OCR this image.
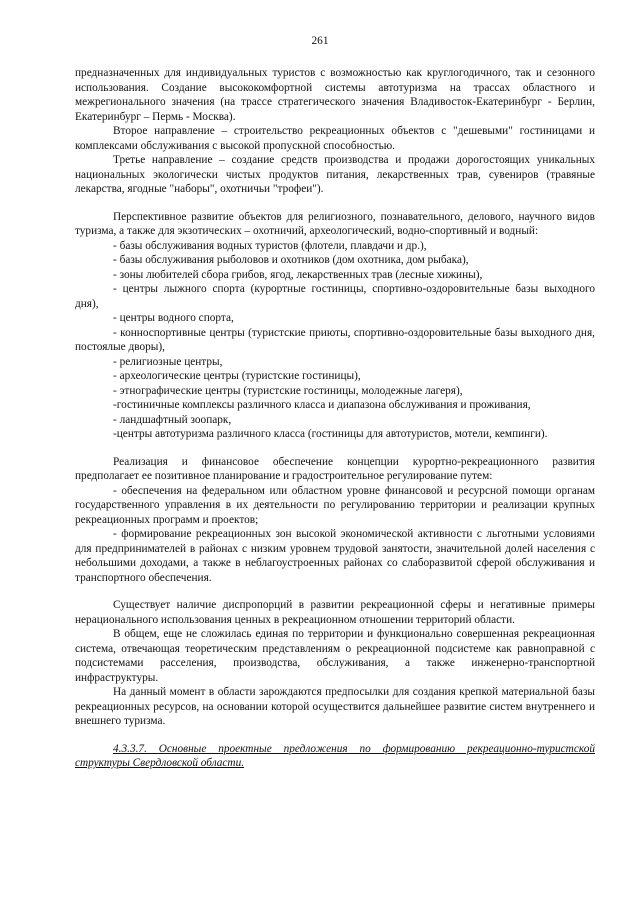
261

предназначенных для индивидуальных туристов с возможностью как круглогодичного, так и сезонного использования. Создание высококомфортной системы автотуризма на трассах областного и межрегионального значения (на трассе стратегического значения Владивосток-Екатеринбург - Берлин, Екатеринбург – Пермь - Москва).

Второе направление – строительство рекреационных объектов с "дешевыми" гостиницами и комплексами обслуживания с высокой пропускной способностью.

Третье направление – создание средств производства и продажи дорогостоящих уникальных национальных экологически чистых продуктов питания, лекарственных трав, сувениров (травяные лекарства, ягодные "наборы", охотничьи "трофеи").

Перспективное развитие объектов для религиозного, познавательного, делового, научного видов туризма, а также для экзотических – охотничий, археологический, водно-спортивный и водный:

- базы обслуживания водных туристов (флотели, плавдачи и др.),

- базы обслуживания рыболовов и охотников (дом охотника, дом рыбака),

- зоны любителей сбора грибов, ягод, лекарственных трав (лесные хижины),

- центры лыжного спорта (курортные гостиницы, спортивно-оздоровительные базы выходного дня),

- центры водного спорта,

- конноспортивные центры (туристские приюты, спортивно-оздоровительные базы выходного дня, постоялые дворы),

- религиозные центры,

- археологические центры (туристские гостиницы),

- этнографические центры (туристские гостиницы, молодежные лагеря),

-гостиничные комплексы различного класса и диапазона обслуживания и проживания,

- ландшафтный зоопарк,

-центры автотуризма различного класса (гостиницы для автотуристов, мотели, кемпинги).

Реализация и финансовое обеспечение концепции курортно-рекреационного развития предполагает ее позитивное планирование и градостроительное регулирование путем:

- обеспечения на федеральном или областном уровне финансовой и ресурсной помощи органам государственного управления в их деятельности по регулированию территории и реализации крупных рекреационных программ и проектов;

- формирование рекреационных зон высокой экономической активности с льготными условиями для предпринимателей в районах с низким уровнем трудовой занятости, значительной долей населения с небольшими доходами, а также в неблагоустроенных районах со слаборазвитой сферой обслуживания и транспортного обеспечения.

Существует наличие диспропорций в развитии рекреационной сферы и негативные примеры нерационального использования ценных в рекреационном отношении территорий области.

В общем, еще не сложилась единая по территории и функционально совершенная рекреационная система, отвечающая теоретическим представлениям о рекреационной подсистеме как равноправной с подсистемами расселения, производства, обслуживания, а также инженерно-транспортной инфраструктуры.

На данный момент в области зарождаются предпосылки для создания крепкой материальной базы рекреационных ресурсов, на основании которой осуществится дальнейшее развитие систем внутреннего и внешнего туризма.

4.3.3.7. Основные проектные предложения по формированию рекреационно-туристской структуры Свердловской области.
